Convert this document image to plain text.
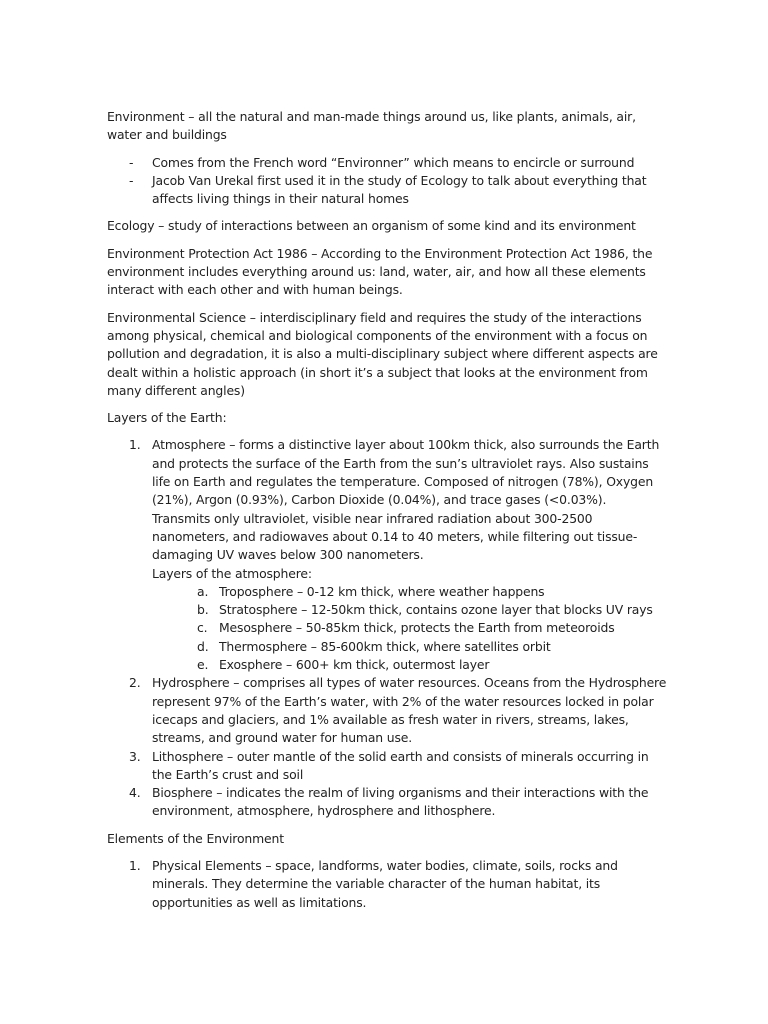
Environment – all the natural and man-made things around us, like plants, animals, air, water and buildings

- Comes from the French word “Environner” which means to encircle or surround
- Jacob Van Urekal first used it in the study of Ecology to talk about everything that affects living things in their natural homes

Ecology – study of interactions between an organism of some kind and its environment

Environment Protection Act 1986 – According to the Environment Protection Act 1986, the environment includes everything around us: land, water, air, and how all these elements interact with each other and with human beings.

Environmental Science – interdisciplinary field and requires the study of the interactions among physical, chemical and biological components of the environment with a focus on pollution and degradation, it is also a multi-disciplinary subject where different aspects are dealt within a holistic approach (in short it’s a subject that looks at the environment from many different angles)

Layers of the Earth:

1. Atmosphere – forms a distinctive layer about 100km thick, also surrounds the Earth and protects the surface of the Earth from the sun’s ultraviolet rays. Also sustains life on Earth and regulates the temperature. Composed of nitrogen (78%), Oxygen (21%), Argon (0.93%), Carbon Dioxide (0.04%), and trace gases (<0.03%). Transmits only ultraviolet, visible near infrared radiation about 300-2500 nanometers, and radiowaves about 0.14 to 40 meters, while filtering out tissue-damaging UV waves below 300 nanometers.
Layers of the atmosphere:
a. Troposphere – 0-12 km thick, where weather happens
b. Stratosphere – 12-50km thick, contains ozone layer that blocks UV rays
c. Mesosphere – 50-85km thick, protects the Earth from meteoroids
d. Thermosphere – 85-600km thick, where satellites orbit
e. Exosphere – 600+ km thick, outermost layer
2. Hydrosphere – comprises all types of water resources. Oceans from the Hydrosphere represent 97% of the Earth’s water, with 2% of the water resources locked in polar icecaps and glaciers, and 1% available as fresh water in rivers, streams, lakes, streams, and ground water for human use.
3. Lithosphere – outer mantle of the solid earth and consists of minerals occurring in the Earth’s crust and soil
4. Biosphere – indicates the realm of living organisms and their interactions with the environment, atmosphere, hydrosphere and lithosphere.

Elements of the Environment

1. Physical Elements – space, landforms, water bodies, climate, soils, rocks and minerals. They determine the variable character of the human habitat, its opportunities as well as limitations.
